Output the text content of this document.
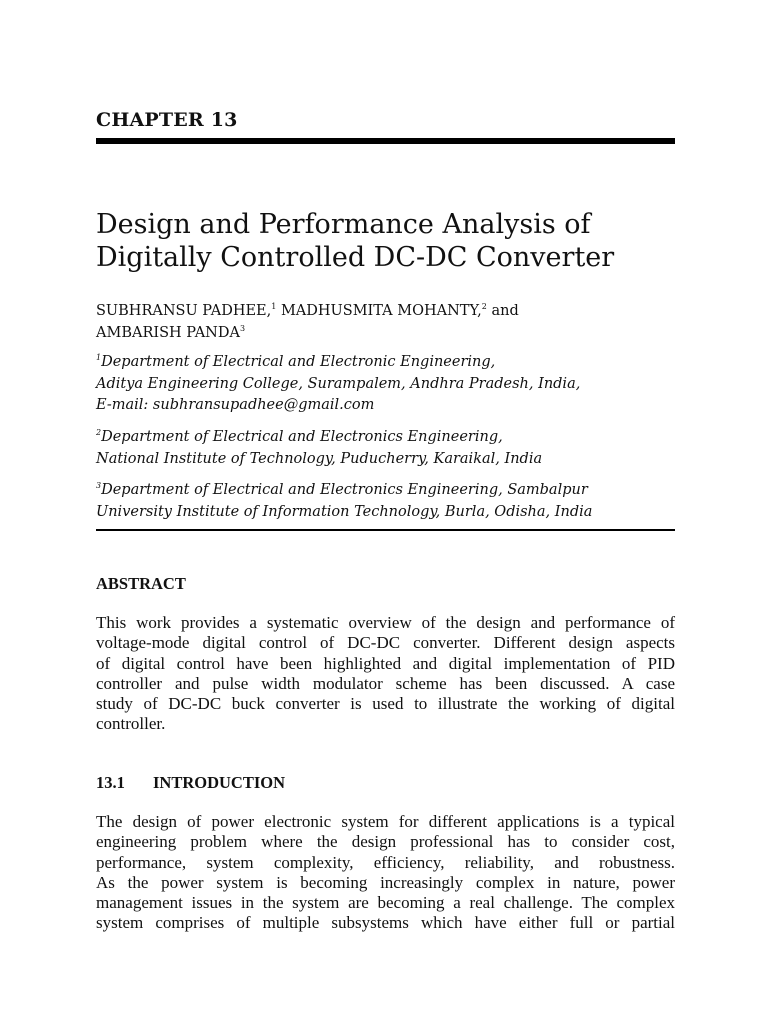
CHAPTER 13
Design and Performance Analysis of
Digitally Controlled DC-DC Converter
SUBHRANSU PADHEE,$^1$ MADHUSMITA MOHANTY,$^2$ and
AMBARISH PANDA$^3$
$^1$Department of Electrical and Electronic Engineering,
Aditya Engineering College, Surampalem, Andhra Pradesh, India,
E-mail: subhransupadhee@gmail.com
$^2$Department of Electrical and Electronics Engineering,
National Institute of Technology, Puducherry, Karaikal, India
$^3$Department of Electrical and Electronics Engineering, Sambalpur
University Institute of Information Technology, Burla, Odisha, India
ABSTRACT
This work provides a systematic overview of the design and performance of
voltage-mode digital control of DC-DC converter. Different design aspects
of digital control have been highlighted and digital implementation of PID
controller and pulse width modulator scheme has been discussed. A case
study of DC-DC buck converter is used to illustrate the working of digital
controller.
13.1 INTRODUCTION
The design of power electronic system for different applications is a typical
engineering problem where the design professional has to consider cost,
performance, system complexity, efficiency, reliability, and robustness.
As the power system is becoming increasingly complex in nature, power
management issues in the system are becoming a real challenge. The complex
system comprises of multiple subsystems which have either full or partial
